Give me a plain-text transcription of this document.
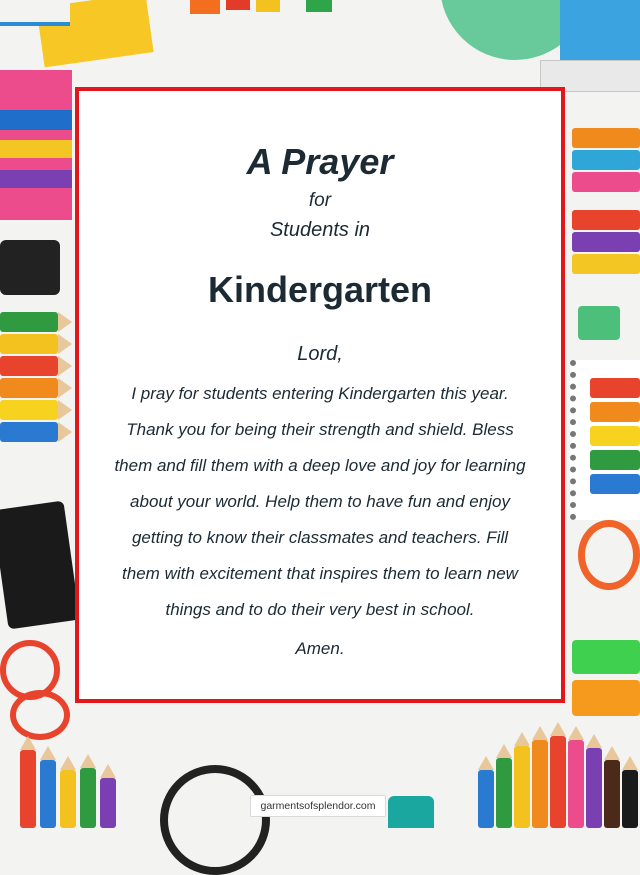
A Prayer
for
Students in
Kindergarten
Lord,
I pray for students entering Kindergarten this year.
Thank you for being their strength and shield. Bless
them and fill them with a deep love and joy for learning
about your world. Help them to have fun and enjoy
getting to know their classmates and teachers. Fill
them with excitement that inspires them to learn new
things and to do their very best in school.
Amen.
garmentsofsplendor.com
